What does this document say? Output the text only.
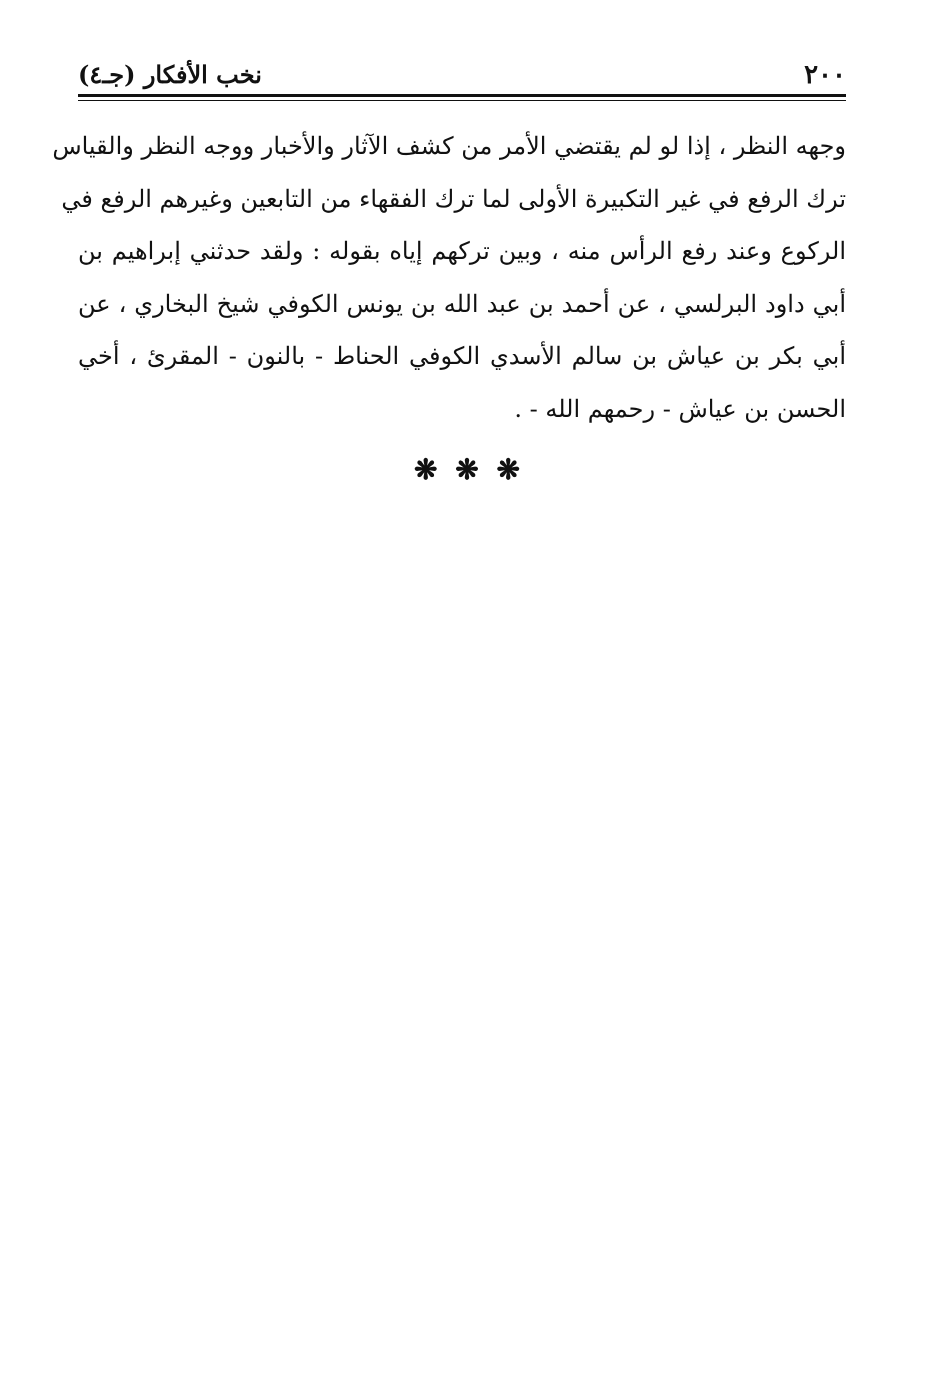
٢٠٠
نخب الأفكار (جـ٤)
وجهه النظر ، إذا لو لم يقتضي الأمر من كشف الآثار والأخبار ووجه النظر والقياس
ترك الرفع في غير التكبيرة الأولى لما ترك الفقهاء من التابعين وغيرهم الرفع في
الركوع وعند رفع الرأس منه ، وبين تركهم إياه بقوله : ولقد حدثني إبراهيم بن
أبي داود البرلسي ، عن أحمد بن عبد الله بن يونس الكوفي شيخ البخاري ، عن
أبي بكر بن عياش بن سالم الأسدي الكوفي الحناط - بالنون - المقرئ ، أخي
الحسن بن عياش - رحمهم الله - .
❋ ❋ ❋
